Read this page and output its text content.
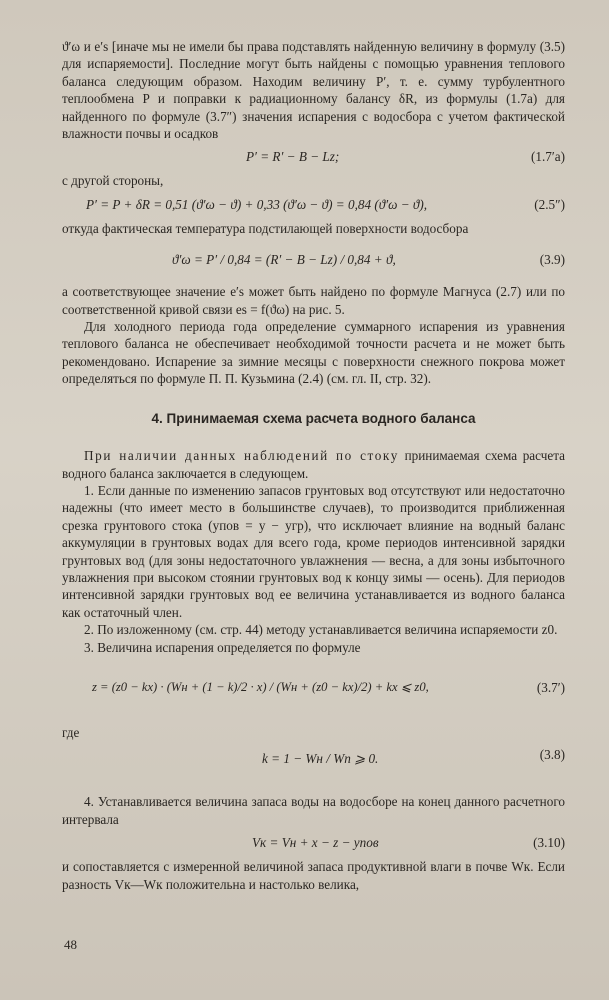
ϑ′ω и e′s [иначе мы не имели бы права подставлять найденную величину в формулу (3.5) для испаряемости]. Последние могут быть найдены с помощью уравнения теплового баланса следующим образом. Находим величину P′, т. е. сумму турбулентного теплообмена P и поправки к радиационному балансу δR, из формулы (1.7а) для найденного по формуле (3.7″) значения испарения с водосбора с учетом фактической влажности почвы и осадков

P′ = R′ − B − Lz;	(1.7′а)

с другой стороны,

P′ = P + δR = 0,51 (ϑ′ω − ϑ) + 0,33 (ϑ′ω − ϑ) = 0,84 (ϑ′ω − ϑ),	(2.5″)

откуда фактическая температура подстилающей поверхности водосбора

ϑ′ω = P′ / 0,84 = (R′ − B − Lz) / 0,84 + ϑ,	(3.9)

а соответствующее значение e′s может быть найдено по формуле Магнуса (2.7) или по соответственной кривой связи es = f(ϑω) на рис. 5.

Для холодного периода года определение суммарного испарения из уравнения теплового баланса не обеспечивает необходимой точности расчета и не может быть рекомендовано. Испарение за зимние месяцы с поверхности снежного покрова может определяться по формуле П. П. Кузьмина (2.4) (см. гл. II, стр. 32).

4. Принимаемая схема расчета водного баланса

При наличии данных наблюдений по стоку принимаемая схема расчета водного баланса заключается в следующем.

1. Если данные по изменению запасов грунтовых вод отсутствуют или недостаточно надежны (что имеет место в большинстве случаев), то производится приближенная срезка грунтового стока (yпов = y − yгр), что исключает влияние на водный баланс аккумуляции в грунтовых водах для всего года, кроме периодов интенсивной зарядки грунтовых вод (для зоны недостаточного увлажнения — весна, а для зоны избыточного увлажнения при высоком стоянии грунтовых вод к концу зимы — осень). Для периодов интенсивной зарядки грунтовых вод ее величина устанавливается из водного баланса как остаточный член.

2. По изложенному (см. стр. 44) методу устанавливается величина испаряемости z0.

3. Величина испарения определяется по формуле

z = (z0 − kx) · (Wн + (1 − k)/2 · x) / (Wн + (z0 − kx)/2) + kx ⩽ z0,	(3.7′)

где

k = 1 − Wн / Wп ⩾ 0.	(3.8)

4. Устанавливается величина запаса воды на водосборе на конец данного расчетного интервала

Vк = Vн + x − z − yпов	(3.10)

и сопоставляется с измеренной величиной запаса продуктивной влаги в почве Wк. Если разность Vк—Wк положительна и настолько велика,

48
